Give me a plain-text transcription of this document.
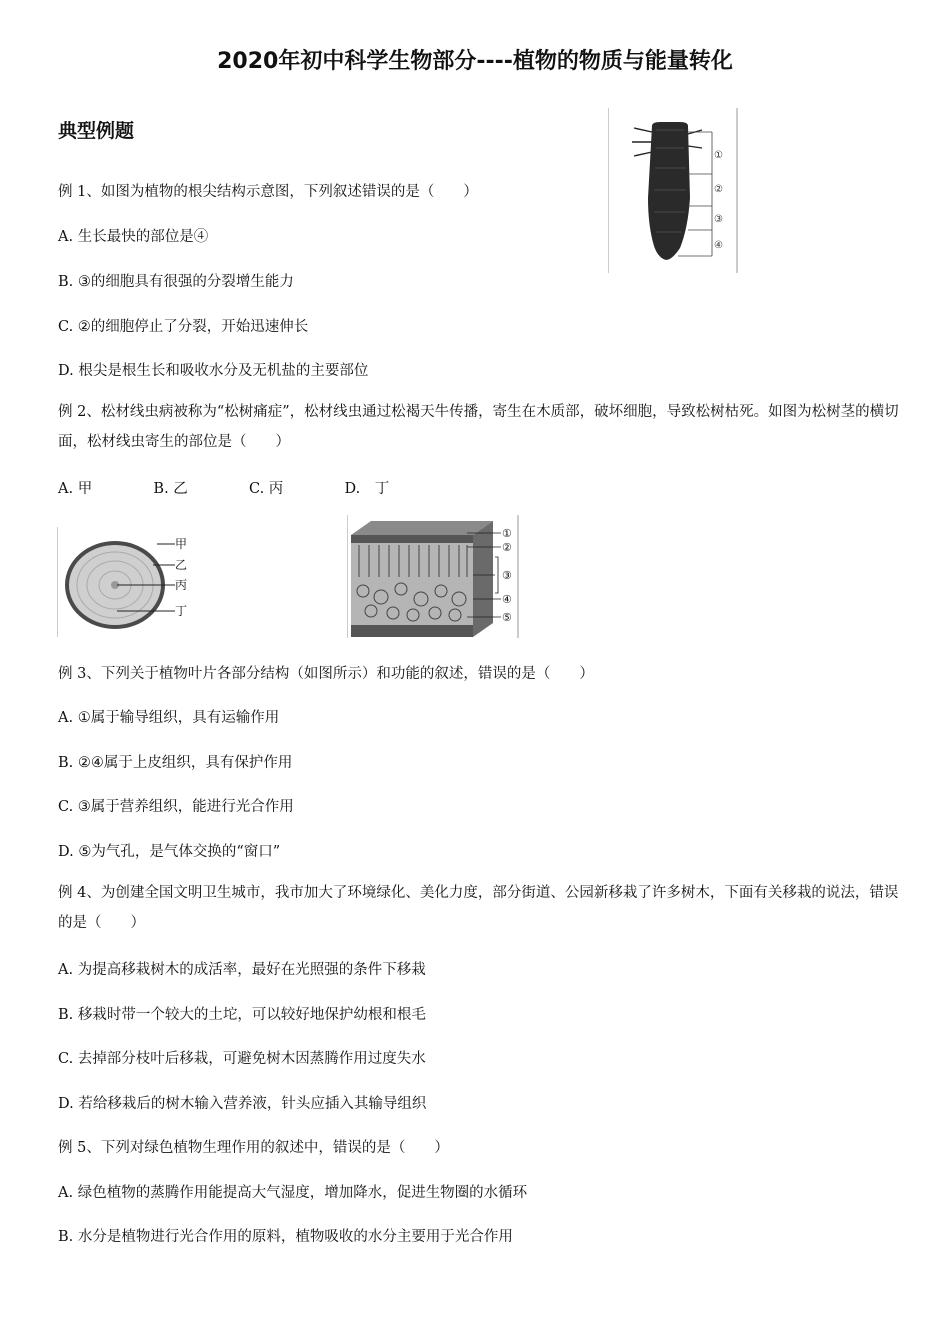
2020年初中科学生物部分----植物的物质与能量转化
典型例题
例 1、如图为植物的根尖结构示意图，下列叙述错误的是（　　）
A. 生长最快的部位是④
B. ③的细胞具有很强的分裂增生能力
C. ②的细胞停止了分裂，开始迅速伸长
D. 根尖是根生长和吸收水分及无机盐的主要部位
①
②
③
④
例 2、松材线虫病被称为“松树痛症”，松材线虫通过松褐天牛传播，寄生在木质部，破坏细胞，导致松树枯死。如图为松树茎的横切面，松材线虫寄生的部位是（　　）
A. 甲	B. 乙	C. 丙	D.　丁
甲
乙
丙
丁
①
②
③
④
⑤
例 3、下列关于植物叶片各部分结构（如图所示）和功能的叙述，错误的是（　　）
A. ①属于输导组织，具有运输作用
B. ②④属于上皮组织，具有保护作用
C. ③属于营养组织，能进行光合作用
D. ⑤为气孔，是气体交换的“窗口”
例 4、为创建全国文明卫生城市，我市加大了环境绿化、美化力度，部分街道、公园新移栽了许多树木，下面有关移栽的说法，错误的是（　　）
A. 为提高移栽树木的成活率，最好在光照强的条件下移栽
B. 移栽时带一个较大的土坨，可以较好地保护幼根和根毛
C. 去掉部分枝叶后移栽，可避免树木因蒸腾作用过度失水
D. 若给移栽后的树木输入营养液，针头应插入其输导组织
例 5、下列对绿色植物生理作用的叙述中，错误的是（　　）
A. 绿色植物的蒸腾作用能提高大气湿度，增加降水，促进生物圈的水循环
B. 水分是植物进行光合作用的原料，植物吸收的水分主要用于光合作用
